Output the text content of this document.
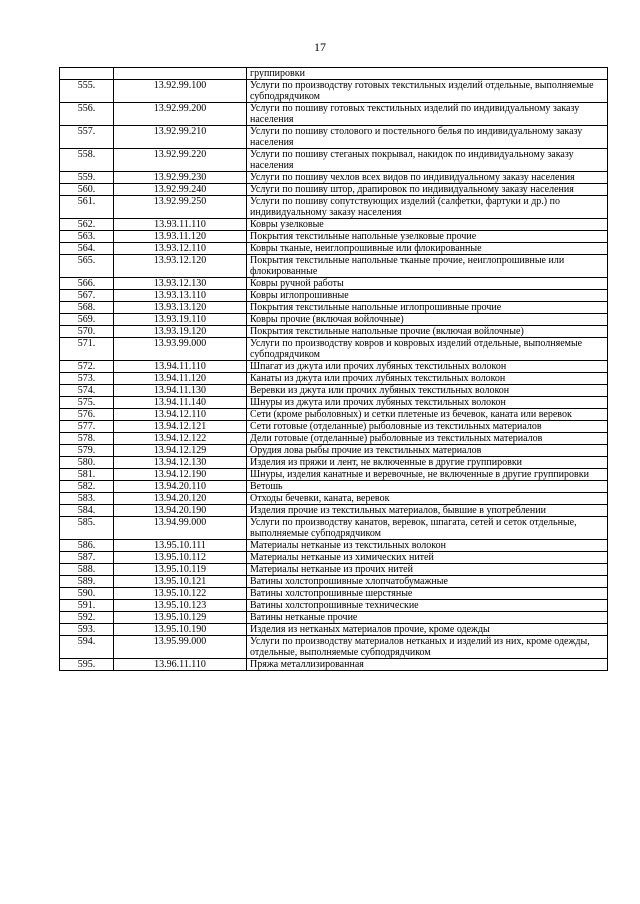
17
		группировки
555.	13.92.99.100	Услуги по производству готовых текстильных изделий отдельные, выполняемые субподрядчиком
556.	13.92.99.200	Услуги по пошиву готовых текстильных изделий по индивидуальному заказу населения
557.	13.92.99.210	Услуги по пошиву столового и постельного белья по индивидуальному заказу населения
558.	13.92.99.220	Услуги по пошиву стеганых покрывал, накидок по индивидуальному заказу населения
559.	13.92.99.230	Услуги по пошиву чехлов всех видов по индивидуальному заказу населения
560.	13.92.99.240	Услуги по пошиву штор, драпировок по индивидуальному заказу населения
561.	13.92.99.250	Услуги по пошиву сопутствующих изделий (салфетки, фартуки и др.) по индивидуальному заказу населения
562.	13.93.11.110	Ковры узелковые
563.	13.93.11.120	Покрытия текстильные напольные узелковые прочие
564.	13.93.12.110	Ковры тканые, неиглопрошивные или флокированные
565.	13.93.12.120	Покрытия текстильные напольные тканые прочие, неиглопрошивные или флокированные
566.	13.93.12.130	Ковры ручной работы
567.	13.93.13.110	Ковры иглопрошивные
568.	13.93.13.120	Покрытия текстильные напольные иглопрошивные прочие
569.	13.93.19.110	Ковры прочие (включая войлочные)
570.	13.93.19.120	Покрытия текстильные напольные прочие (включая войлочные)
571.	13.93.99.000	Услуги по производству ковров и ковровых изделий отдельные, выполняемые субподрядчиком
572.	13.94.11.110	Шпагат из джута или прочих лубяных текстильных волокон
573.	13.94.11.120	Канаты из джута или прочих лубяных текстильных волокон
574.	13.94.11.130	Веревки из джута или прочих лубяных текстильных волокон
575.	13.94.11.140	Шнуры из джута или прочих лубяных текстильных волокон
576.	13.94.12.110	Сети (кроме рыболовных) и сетки плетеные из бечевок, каната или веревок
577.	13.94.12.121	Сети готовые (отделанные) рыболовные из текстильных материалов
578.	13.94.12.122	Дели готовые (отделанные) рыболовные из текстильных материалов
579.	13.94.12.129	Орудия лова рыбы прочие из текстильных материалов
580.	13.94.12.130	Изделия из пряжи и лент, не включенные в другие группировки
581.	13.94.12.190	Шнуры, изделия канатные и веревочные, не включенные в другие группировки
582.	13.94.20.110	Ветошь
583.	13.94.20.120	Отходы бечевки, каната, веревок
584.	13.94.20.190	Изделия прочие из текстильных материалов, бывшие в употреблении
585.	13.94.99.000	Услуги по производству канатов, веревок, шпагата, сетей и сеток отдельные, выполняемые субподрядчиком
586.	13.95.10.111	Материалы нетканые из текстильных волокон
587.	13.95.10.112	Материалы нетканые из химических нитей
588.	13.95.10.119	Материалы нетканые из прочих нитей
589.	13.95.10.121	Ватины холстопрошивные хлопчатобумажные
590.	13.95.10.122	Ватины холстопрошивные шерстяные
591.	13.95.10.123	Ватины холстопрошивные технические
592.	13.95.10.129	Ватины нетканые прочие
593.	13.95.10.190	Изделия из нетканых материалов прочие, кроме одежды
594.	13.95.99.000	Услуги по производству материалов нетканых и изделий из них, кроме одежды, отдельные, выполняемые субподрядчиком
595.	13.96.11.110	Пряжа металлизированная
